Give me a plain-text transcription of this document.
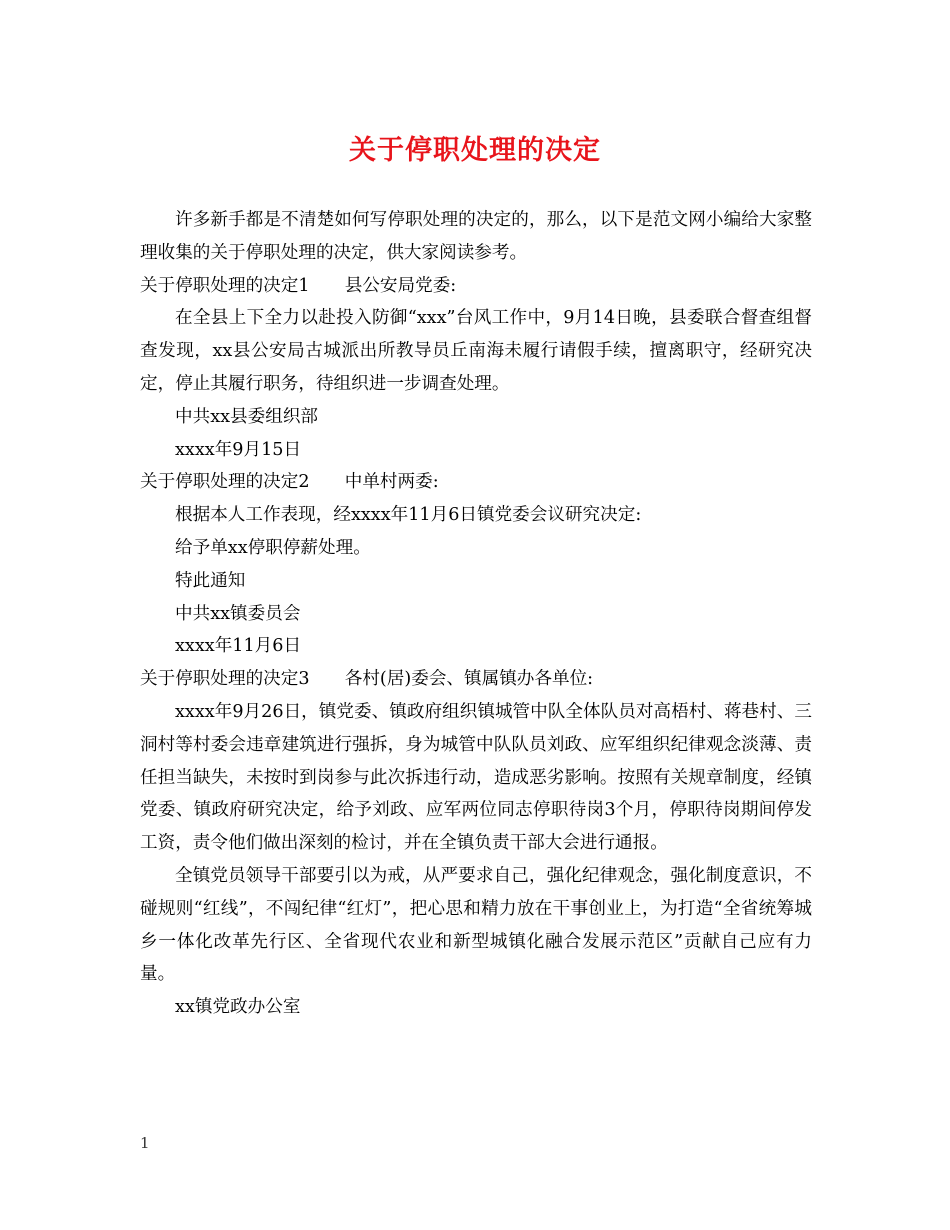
关于停职处理的决定

许多新手都是不清楚如何写停职处理的决定的，那么，以下是范文网小编给大家整理收集的关于停职处理的决定，供大家阅读参考。

关于停职处理的决定1　　县公安局党委:

在全县上下全力以赴投入防御“xxx”台风工作中，9月14日晚，县委联合督查组督查发现，xx县公安局古城派出所教导员丘南海未履行请假手续，擅离职守，经研究决定，停止其履行职务，待组织进一步调查处理。

中共xx县委组织部

xxxx年9月15日

关于停职处理的决定2　　中单村两委:

根据本人工作表现，经xxxx年11月6日镇党委会议研究决定:

给予单xx停职停薪处理。

特此通知

中共xx镇委员会

xxxx年11月6日

关于停职处理的决定3　　各村(居)委会、镇属镇办各单位:

xxxx年9月26日，镇党委、镇政府组织镇城管中队全体队员对高梧村、蒋巷村、三洞村等村委会违章建筑进行强拆，身为城管中队队员刘政、应军组织纪律观念淡薄、责任担当缺失，未按时到岗参与此次拆违行动，造成恶劣影响。按照有关规章制度，经镇党委、镇政府研究决定，给予刘政、应军两位同志停职待岗3个月，停职待岗期间停发工资，责令他们做出深刻的检讨，并在全镇负责干部大会进行通报。

全镇党员领导干部要引以为戒，从严要求自己，强化纪律观念，强化制度意识，不碰规则“红线”，不闯纪律“红灯”，把心思和精力放在干事创业上，为打造“全省统筹城乡一体化改革先行区、全省现代农业和新型城镇化融合发展示范区”贡献自己应有力量。

xx镇党政办公室

1
